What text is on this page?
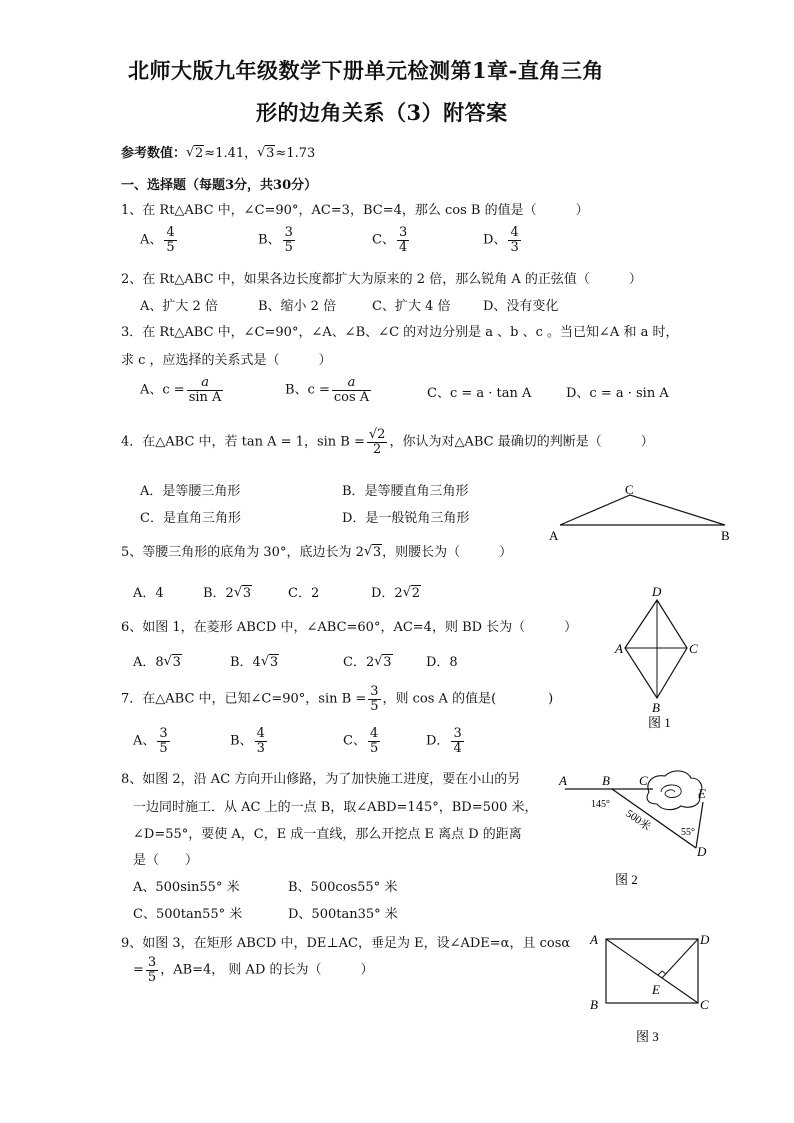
北师大版九年级数学下册单元检测第1章-直角三角
形的边角关系（3）附答案
参考数值： √ 2≈1.41， √ 3≈1.73
一、选择题（每题3分，共30分）
1、在 Rt△ABC 中，∠C=90°，AC=3，BC=4，那么 cos B 的值是（　　　）
A、 $\frac{4}{5}$	B、 $\frac{3}{5}$	C、 $\frac{3}{4}$	D、 $\frac{4}{3}$
2、在 Rt△ABC 中，如果各边长度都扩大为原来的 2 倍，那么锐角 A 的正弦值（　　　）
A、扩大 2 倍	B、缩小 2 倍	C、扩大 4 倍	D、没有变化
3．在 Rt△ABC 中，∠C=90°，∠A、∠B、∠C 的对边分别是 a 、b 、c 。当已知∠A 和 a 时，
求 c ，应选择的关系式是（　　　）
A、$c = \frac{a}{\text{sin A}}$	B、$c = \frac{a}{\text{cos A}}$	C、c = a · tan A	D、c = a · sin A
4．在△ABC 中，若 tan A = 1，$\sin B = \frac{√2}{2}$ ，你认为对△ABC 最确切的判断是（　　　）
A．是等腰三角形	B．是等腰直角三角形
C．是直角三角形	D．是一般锐角三角形
C
A	B
5、等腰三角形的底角为 30°，底边长为 2 √ 3，则腰长为（　　　）
A．4	B．2 √ 3	C．2	D．2 √ 2
6、如图 1，在菱形 ABCD 中，∠ABC=60°，AC=4，则 BD 长为（　　　）
A．8 √ 3	B．4 √ 3	C．2 √ 3	D．8
D
A	C
B
图 1
7．在△ABC 中，已知∠C=90°，$\sin B = \frac{3}{5}$ ，则 cos A 的值是(　　　　)
A、 $\frac{3}{5}$	B、 $\frac{4}{3}$	C、 $\frac{4}{5}$	D． $\frac{3}{4}$
8、如图 2，沿 AC 方向开山修路，为了加快施工进度，要在小山的另
一边同时施工．从 AC 上的一点 B，取∠ABD=145°，BD=500 米，
∠D=55°，要使 A，C，E 成一直线，那么开挖点 E 离点 D 的距离
是（　　）
A、500sin55° 米	B、500cos55° 米
C、500tan55° 米	D、500tan35° 米
A	B C
E
D
145°
55°
500米
图 2
9、如图 3，在矩形 ABCD 中，DE⊥AC，垂足为 E，设∠ADE=α，且 cosα
= $\frac{3}{5}$ ，AB=4， 则 AD 的长为（　　　）
A	D
B	C
E
图 3
